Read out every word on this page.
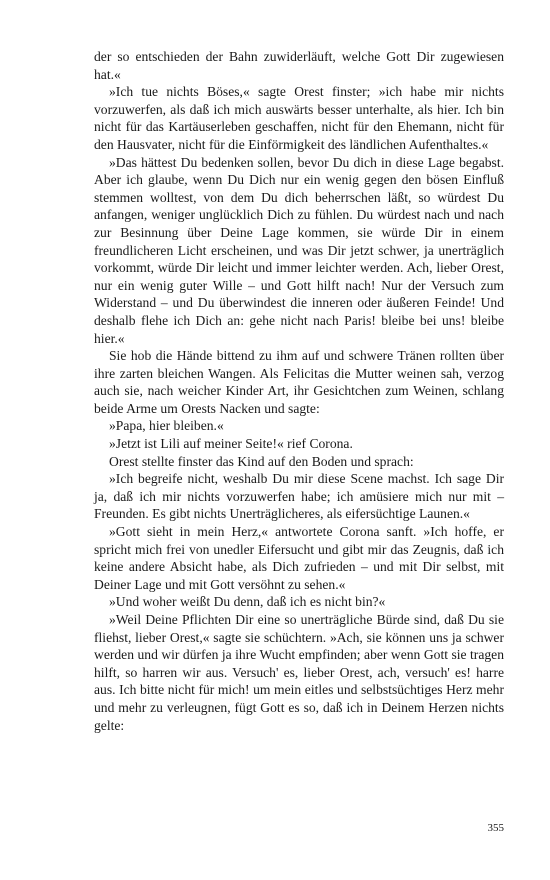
der so entschieden der Bahn zuwiderläuft, welche Gott Dir zugewiesen hat.«

»Ich tue nichts Böses,« sagte Orest finster; »ich habe mir nichts vorzuwerfen, als daß ich mich auswärts besser unterhalte, als hier. Ich bin nicht für das Kartäuserleben geschaffen, nicht für den Ehemann, nicht für den Hausvater, nicht für die Einförmigkeit des ländlichen Aufenthaltes.«

»Das hättest Du bedenken sollen, bevor Du dich in diese Lage begabst. Aber ich glaube, wenn Du Dich nur ein wenig gegen den bösen Einfluß stemmen wolltest, von dem Du dich beherrschen läßt, so würdest Du anfangen, weniger unglücklich Dich zu fühlen. Du würdest nach und nach zur Besinnung über Deine Lage kommen, sie würde Dir in einem freundlicheren Licht erscheinen, und was Dir jetzt schwer, ja unerträglich vorkommt, würde Dir leicht und immer leichter werden. Ach, lieber Orest, nur ein wenig guter Wille – und Gott hilft nach! Nur der Versuch zum Widerstand – und Du überwindest die inneren oder äußeren Feinde! Und deshalb flehe ich Dich an: gehe nicht nach Paris! bleibe bei uns! bleibe hier.«

Sie hob die Hände bittend zu ihm auf und schwere Tränen rollten über ihre zarten bleichen Wangen. Als Felicitas die Mutter weinen sah, verzog auch sie, nach weicher Kinder Art, ihr Gesichtchen zum Weinen, schlang beide Arme um Orests Nacken und sagte:

»Papa, hier bleiben.«

»Jetzt ist Lili auf meiner Seite!« rief Corona.

Orest stellte finster das Kind auf den Boden und sprach:

»Ich begreife nicht, weshalb Du mir diese Scene machst. Ich sage Dir ja, daß ich mir nichts vorzuwerfen habe; ich amüsiere mich nur mit – Freunden. Es gibt nichts Unerträglicheres, als eifersüchtige Launen.«

»Gott sieht in mein Herz,« antwortete Corona sanft. »Ich hoffe, er spricht mich frei von unedler Eifersucht und gibt mir das Zeugnis, daß ich keine andere Absicht habe, als Dich zufrieden – und mit Dir selbst, mit Deiner Lage und mit Gott versöhnt zu sehen.«

»Und woher weißt Du denn, daß ich es nicht bin?«

»Weil Deine Pflichten Dir eine so unerträgliche Bürde sind, daß Du sie fliehst, lieber Orest,« sagte sie schüchtern. »Ach, sie können uns ja schwer werden und wir dürfen ja ihre Wucht empfinden; aber wenn Gott sie tragen hilft, so harren wir aus. Versuch' es, lieber Orest, ach, versuch' es! harre aus. Ich bitte nicht für mich! um mein eitles und selbstsüchtiges Herz mehr und mehr zu verleugnen, fügt Gott es so, daß ich in Deinem Herzen nichts gelte:

355
